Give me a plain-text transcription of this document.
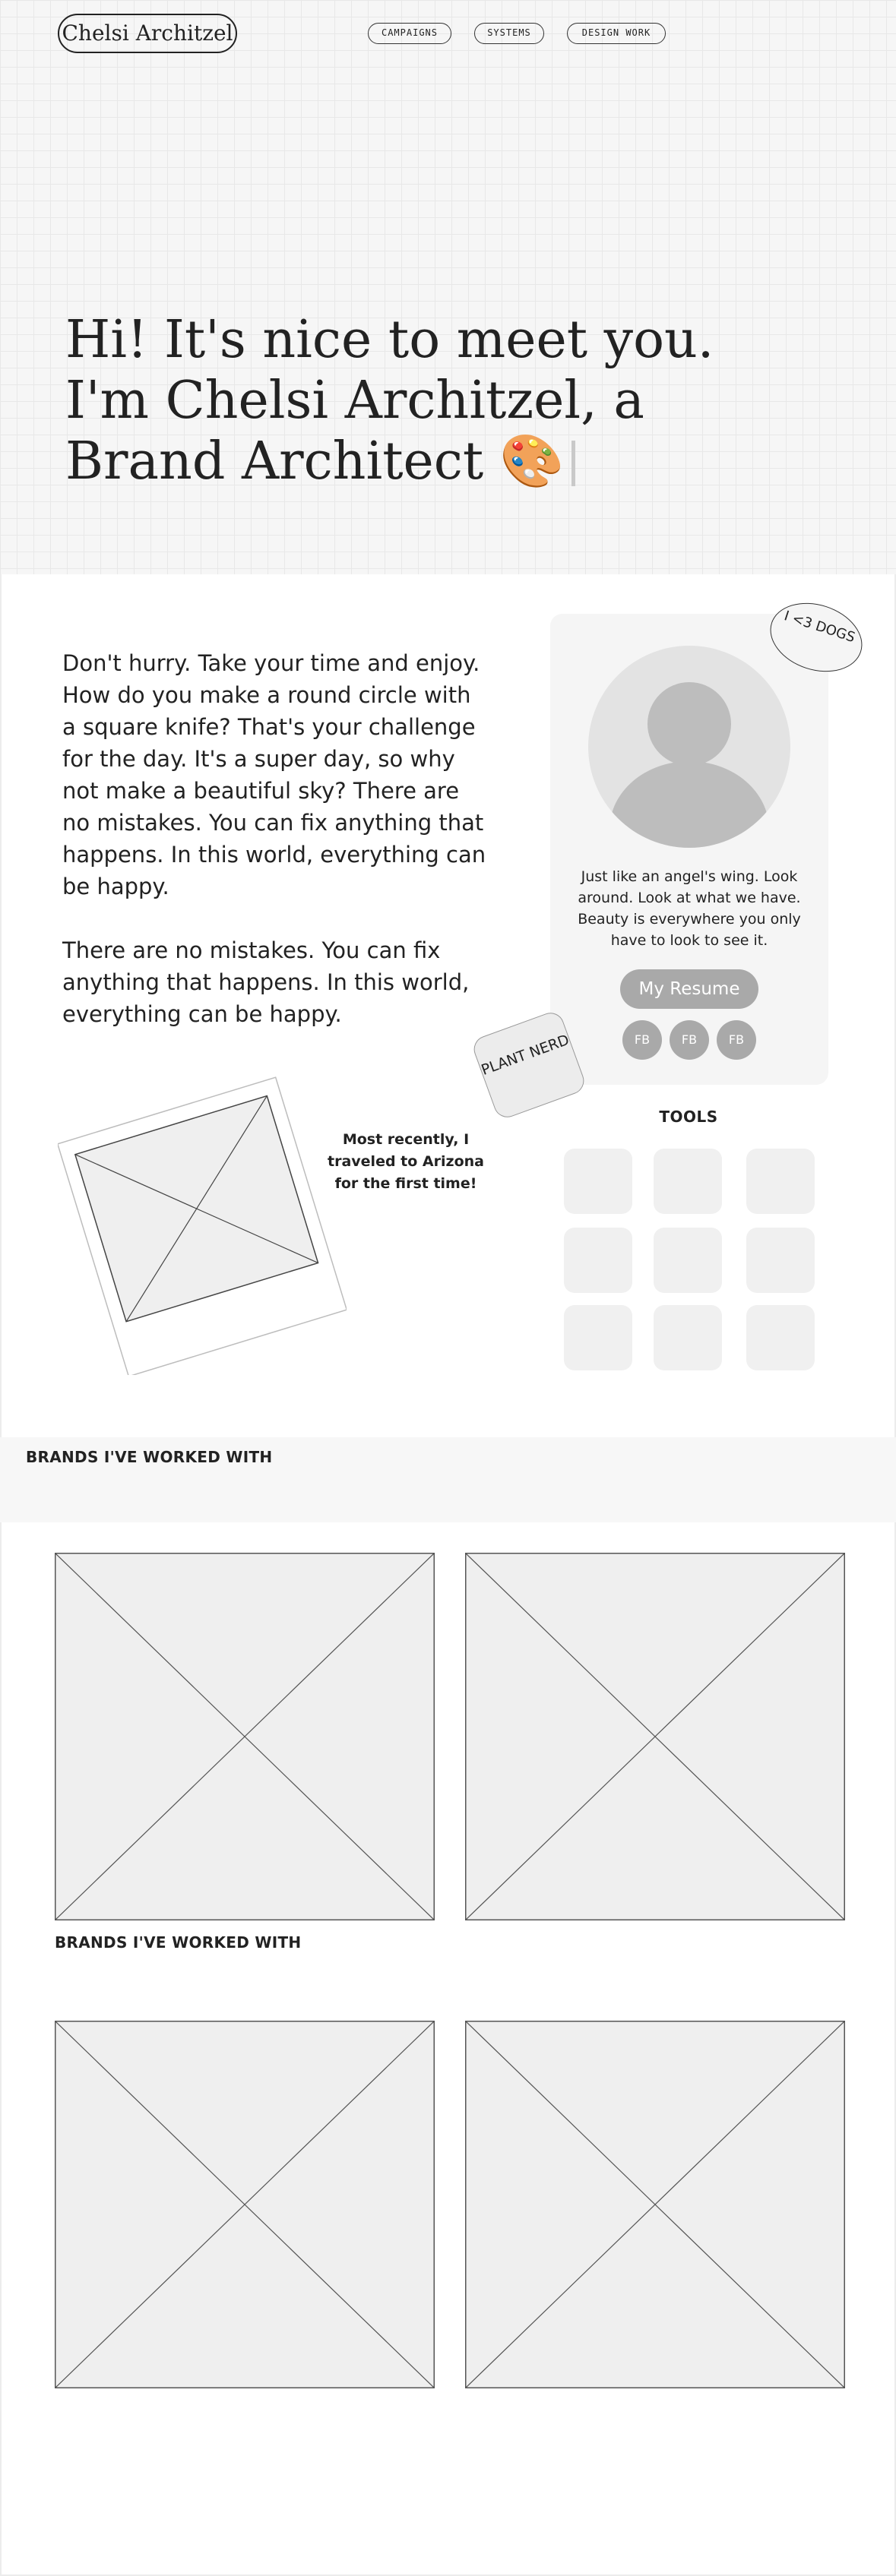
Chelsi Architzel	CAMPAIGNS	SYSTEMS	DESIGN WORK
Hi! It's nice to meet you.
I'm Chelsi Architzel, a
Brand Architect 🎨

Don't hurry. Take your time and enjoy. How do you make a round circle with a square knife? That's your challenge for the day. It's a super day, so why not make a beautiful sky? There are no mistakes. You can fix anything that happens. In this world, everything can be happy.

There are no mistakes. You can fix anything that happens. In this world, everything can be happy.

Just like an angel's wing. Look around. Look at what we have. Beauty is everywhere you only have to look to see it.

My Resume
FB	FB	FB
I <3 DOGS
PLANT NERD

Most recently, I traveled to Arizona for the first time!

TOOLS

BRANDS I'VE WORKED WITH

BRANDS I'VE WORKED WITH
